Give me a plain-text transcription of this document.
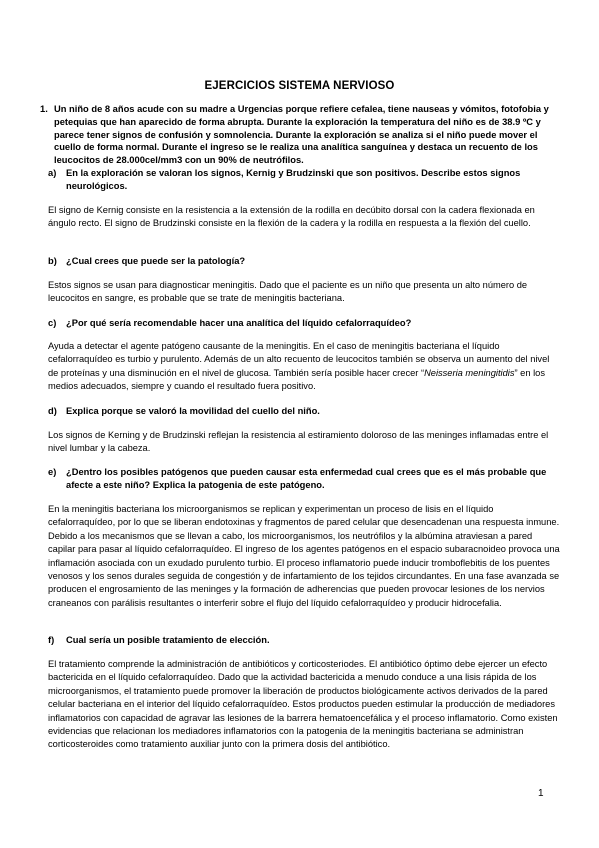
EJERCICIOS SISTEMA NERVIOSO
1. Un niño de 8 años acude con su madre a Urgencias porque refiere cefalea, tiene nauseas y vómitos, fotofobia y petequias que han aparecido de forma abrupta. Durante la exploración la temperatura del niño es de 38.9 ºC y parece tener signos de confusión y somnolencia. Durante la exploración se analiza si el niño puede mover el cuello de forma normal. Durante el ingreso se le realiza una analítica sanguínea y destaca un recuento de los leucocitos de 28.000cel/mm3 con un 90% de neutrófilos.
a) En la exploración se valoran los signos, Kernig y Brudzinski que son positivos. Describe estos signos neurológicos.
El signo de Kernig consiste en la resistencia a la extensión de la rodilla en decúbito dorsal con la cadera flexionada en ángulo recto. El signo de Brudzinski consiste en la flexión de la cadera y la rodilla en respuesta a la flexión del cuello.
b) ¿Cual crees que puede ser la patología?
Estos signos se usan para diagnosticar meningitis. Dado que el paciente es un niño que presenta un alto número de leucocitos en sangre, es probable que se trate de meningitis bacteriana.
c) ¿Por qué sería recomendable hacer una analítica del líquido cefalorraquídeo?
Ayuda a detectar el agente patógeno causante de la meningitis. En el caso de meningitis bacteriana el líquido cefalorraquídeo es turbio y purulento. Además de un alto recuento de leucocitos también se observa un aumento del nivel de proteínas y una disminución en el nivel de glucosa. También sería posible hacer crecer “Neisseria meningitidis” en los medios adecuados, siempre y cuando el resultado fuera positivo.
d) Explica porque se valoró la movilidad del cuello del niño.
Los signos de Kerning y de Brudzinski reflejan la resistencia al estiramiento doloroso de las meninges inflamadas entre el nivel lumbar y la cabeza.
e) ¿Dentro los posibles patógenos que pueden causar esta enfermedad cual crees que es el más probable que afecte a este niño? Explica la patogenia de este patógeno.
En la meningitis bacteriana los microorganismos se replican y experimentan un proceso de lisis en el líquido cefalorraquídeo, por lo que se liberan endotoxinas y fragmentos de pared celular que desencadenan una respuesta inmune. Debido a los mecanismos que se llevan a cabo, los microorganismos, los neutrófilos y la albúmina atraviesan a pared capilar para pasar al líquido cefalorraquídeo. El ingreso de los agentes patógenos en el espacio subaracnoideo provoca una inflamación asociada con un exudado purulento turbio. El proceso inflamatorio puede inducir tromboflebitis de los puentes venosos y los senos durales seguida de congestión y de infartamiento de los tejidos circundantes. En una fase avanzada se producen el engrosamiento de las meninges y la formación de adherencias que pueden provocar lesiones de los nervios craneanos con parálisis resultantes o interferir sobre el flujo del líquido cefalorraquídeo y producir hidrocefalia.
f) Cual sería un posible tratamiento de elección.
El tratamiento comprende la administración de antibióticos y corticosteriodes. El antibiótico óptimo debe ejercer un efecto bactericida en el líquido cefalorraquídeo. Dado que la actividad bactericida a menudo conduce a una lisis rápida de los microorganismos, el tratamiento puede promover la liberación de productos biológicamente activos derivados de la pared celular bacteriana en el interior del líquido cefalorraquídeo. Estos productos pueden estimular la producción de mediadores inflamatorios con capacidad de agravar las lesiones de la barrera hematoencefálica y el proceso inflamatorio. Como existen evidencias que relacionan los mediadores inflamatorios con la patogenia de la meningitis bacteriana se administran corticosteroides como tratamiento auxiliar junto con la primera dosis del antibiótico.
1
